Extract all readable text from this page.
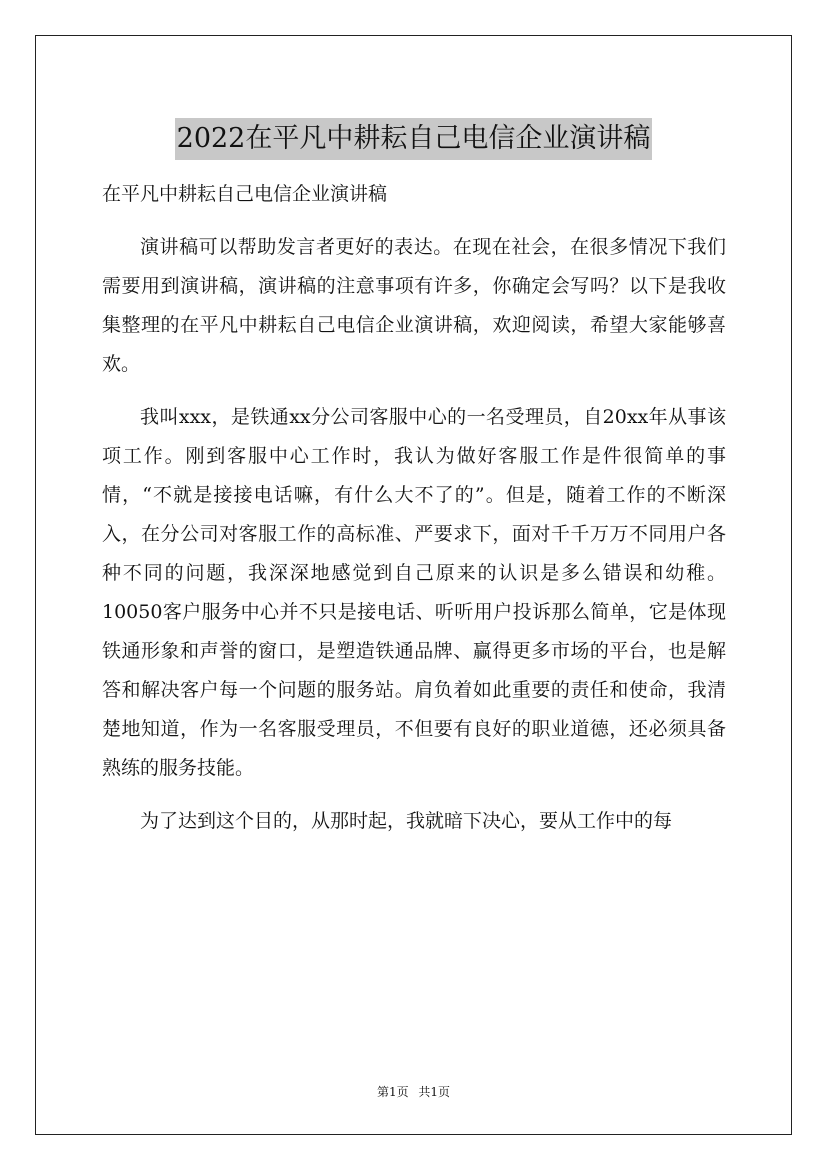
2022在平凡中耕耘自己电信企业演讲稿

在平凡中耕耘自己电信企业演讲稿

演讲稿可以帮助发言者更好的表达。在现在社会，在很多情况下我们需要用到演讲稿，演讲稿的注意事项有许多，你确定会写吗？以下是我收集整理的在平凡中耕耘自己电信企业演讲稿，欢迎阅读，希望大家能够喜欢。

我叫xxx，是铁通xx分公司客服中心的一名受理员，自20xx年从事该项工作。刚到客服中心工作时，我认为做好客服工作是件很简单的事情，“不就是接接电话嘛，有什么大不了的”。但是，随着工作的不断深入，在分公司对客服工作的高标准、严要求下，面对千千万万不同用户各种不同的问题，我深深地感觉到自己原来的认识是多么错误和幼稚。10050客户服务中心并不只是接电话、听听用户投诉那么简单，它是体现铁通形象和声誉的窗口，是塑造铁通品牌、赢得更多市场的平台，也是解答和解决客户每一个问题的服务站。肩负着如此重要的责任和使命，我清楚地知道，作为一名客服受理员，不但要有良好的职业道德，还必须具备熟练的服务技能。

为了达到这个目的，从那时起，我就暗下决心，要从工作中的每

第1页 共1页
